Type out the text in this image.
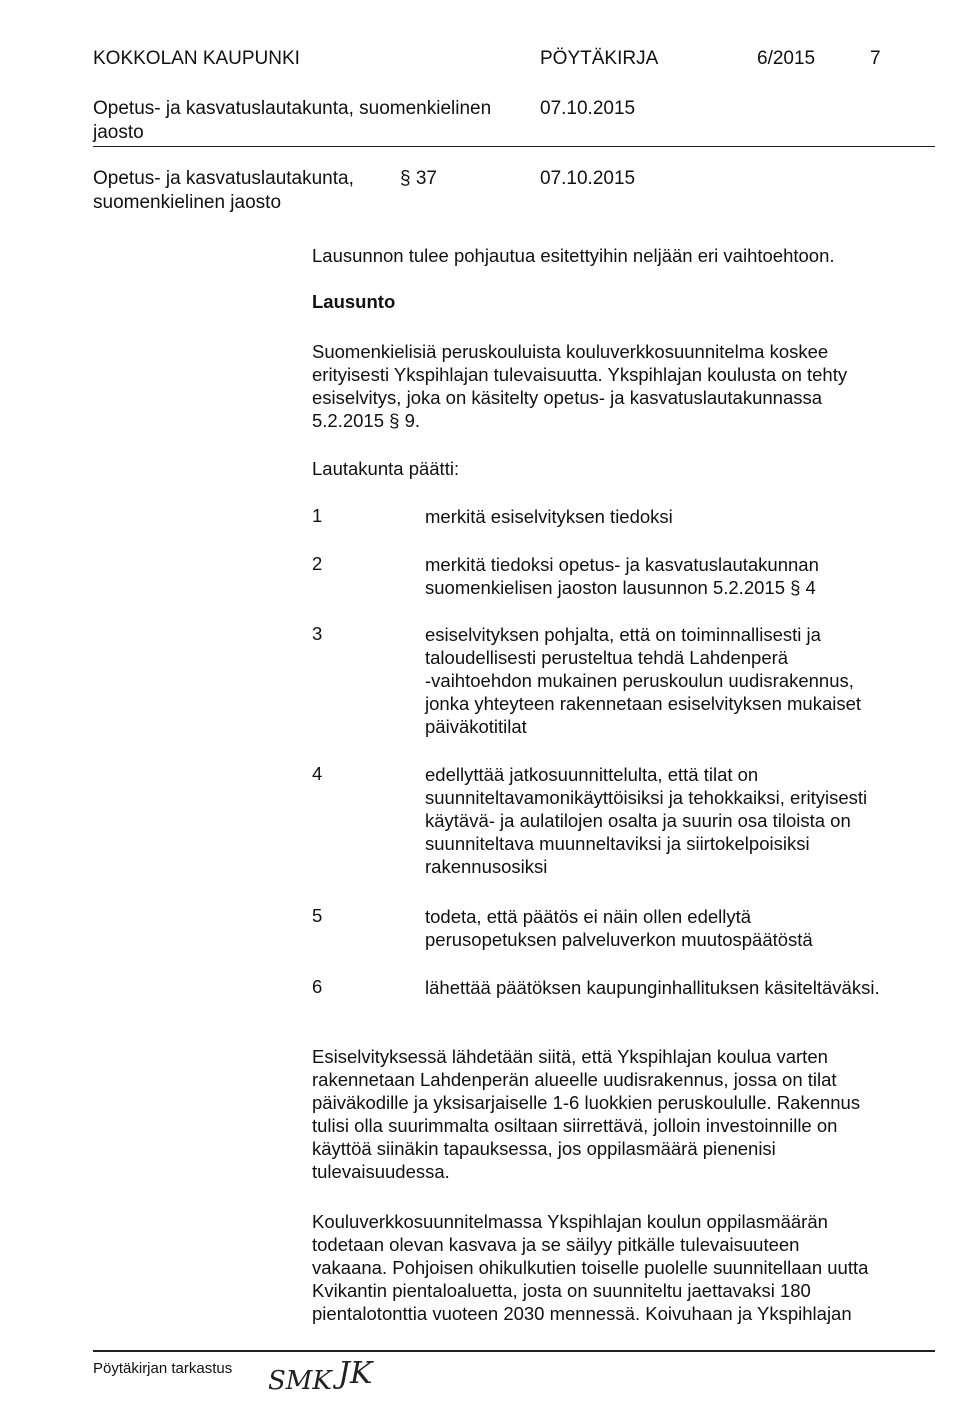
KOKKOLAN KAUPUNKI	PÖYTÄKIRJA	6/2015	7
Opetus- ja kasvatuslautakunta, suomenkielinen	07.10.2015
jaosto
Opetus- ja kasvatuslautakunta,
suomenkielinen jaosto
§ 37	07.10.2015
Lausunnon tulee pohjautua esitettyihin neljään eri vaihtoehtoon.
Lausunto
Suomenkielisiä peruskouluista kouluverkkosuunnitelma koskee
erityisesti Ykspihlajan tulevaisuutta. Ykspihlajan koulusta on tehty
esiselvitys, joka on käsitelty opetus- ja kasvatuslautakunnassa
5.2.2015 § 9.
Lautakunta päätti:
1	merkitä esiselvityksen tiedoksi
2	merkitä tiedoksi opetus- ja kasvatuslautakunnan
suomenkielisen jaoston lausunnon 5.2.2015 § 4
3	esiselvityksen pohjalta, että on toiminnallisesti ja
taloudellisesti perusteltua tehdä Lahdenperä
-vaihtoehdon mukainen peruskoulun uudisrakennus,
jonka yhteyteen rakennetaan esiselvityksen mukaiset
päiväkotitilat
4	edellyttää jatkosuunnittelulta, että tilat on
suunniteltavamonikäyttöisiksi ja tehokkaiksi, erityisesti
käytävä- ja aulatilojen osalta ja suurin osa tiloista on
suunniteltava muunneltaviksi ja siirtokelpoisiksi
rakennusosiksi
5	todeta, että päätös ei näin ollen edellytä
perusopetuksen palveluverkon muutospäätöstä
6	lähettää päätöksen kaupunginhallituksen käsiteltäväksi.
Esiselvityksessä lähdetään siitä, että Ykspihlajan koulua varten
rakennetaan Lahdenperän alueelle uudisrakennus, jossa on tilat
päiväkodille ja yksisarjaiselle 1-6 luokkien peruskoululle. Rakennus
tulisi olla suurimmalta osiltaan siirrettävä, jolloin investoinnille on
käyttöä siinäkin tapauksessa, jos oppilasmäärä pienenisi
tulevaisuudessa.
Kouluverkkosuunnitelmassa Ykspihlajan koulun oppilasmäärän
todetaan olevan kasvava ja se säilyy pitkälle tulevaisuuteen
vakaana. Pohjoisen ohikulkutien toiselle puolelle suunnitellaan uutta
Kvikantin pientaloaluetta, josta on suunniteltu jaettavaksi 180
pientalotonttia vuoteen 2030 mennessä. Koivuhaan ja Ykspihlajan
Pöytäkirjan tarkastus SMK JK
